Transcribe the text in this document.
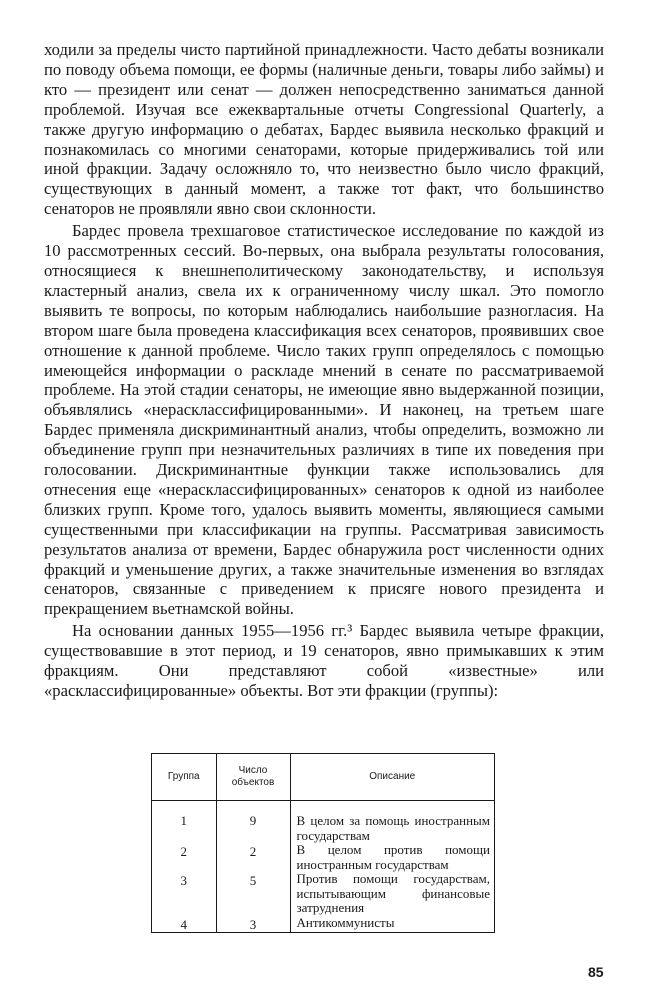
ходили за пределы чисто партийной принадлежности. Часто дебаты возникали по поводу объема помощи, ее формы (наличные деньги, товары либо займы) и кто — президент или сенат — должен непосредственно заниматься данной проблемой. Изучая все ежеквартальные отчеты Congressional Quarterly, а также другую информацию о дебатах, Бардес выявила несколько фракций и познакомилась со многими сенаторами, которые придерживались той или иной фракции. Задачу осложняло то, что неизвестно было число фракций, существующих в данный момент, а также тот факт, что большинство сенаторов не проявляли явно свои склонности.

Бардес провела трехшаговое статистическое исследование по каждой из 10 рассмотренных сессий. Во-первых, она выбрала результаты голосования, относящиеся к внешнеполитическому законодательству, и используя кластерный анализ, свела их к ограниченному числу шкал. Это помогло выявить те вопросы, по которым наблюдались наибольшие разногласия. На втором шаге была проведена классификация всех сенаторов, проявивших свое отношение к данной проблеме. Число таких групп определялось с помощью имеющейся информации о раскладе мнений в сенате по рассматриваемой проблеме. На этой стадии сенаторы, не имеющие явно выдержанной позиции, объявлялись «нерасклассифицированными». И наконец, на третьем шаге Бардес применяла дискриминантный анализ, чтобы определить, возможно ли объединение групп при незначительных различиях в типе их поведения при голосовании. Дискриминантные функции также использовались для отнесения еще «нерасклассифицированных» сенаторов к одной из наиболее близких групп. Кроме того, удалось выявить моменты, являющиеся самыми существенными при классификации на группы. Рассматривая зависимость результатов анализа от времени, Бардес обнаружила рост численности одних фракций и уменьшение других, а также значительные изменения во взглядах сенаторов, связанные с приведением к присяге нового президента и прекращением вьетнамской войны.

На основании данных 1955—1956 гг.³ Бардес выявила четыре фракции, существовавшие в этот период, и 19 сенаторов, явно примыкавших к этим фракциям. Они представляют собой «известные» или «расклассифицированные» объекты. Вот эти фракции (группы):

Группа	Число объектов	Описание
1	9	В целом за помощь иностранным государствам
2	2	В целом против помощи иностранным государствам
3	5	Против помощи государствам, испытывающим финансовые затруднения
4	3	Антикоммунисты
85
